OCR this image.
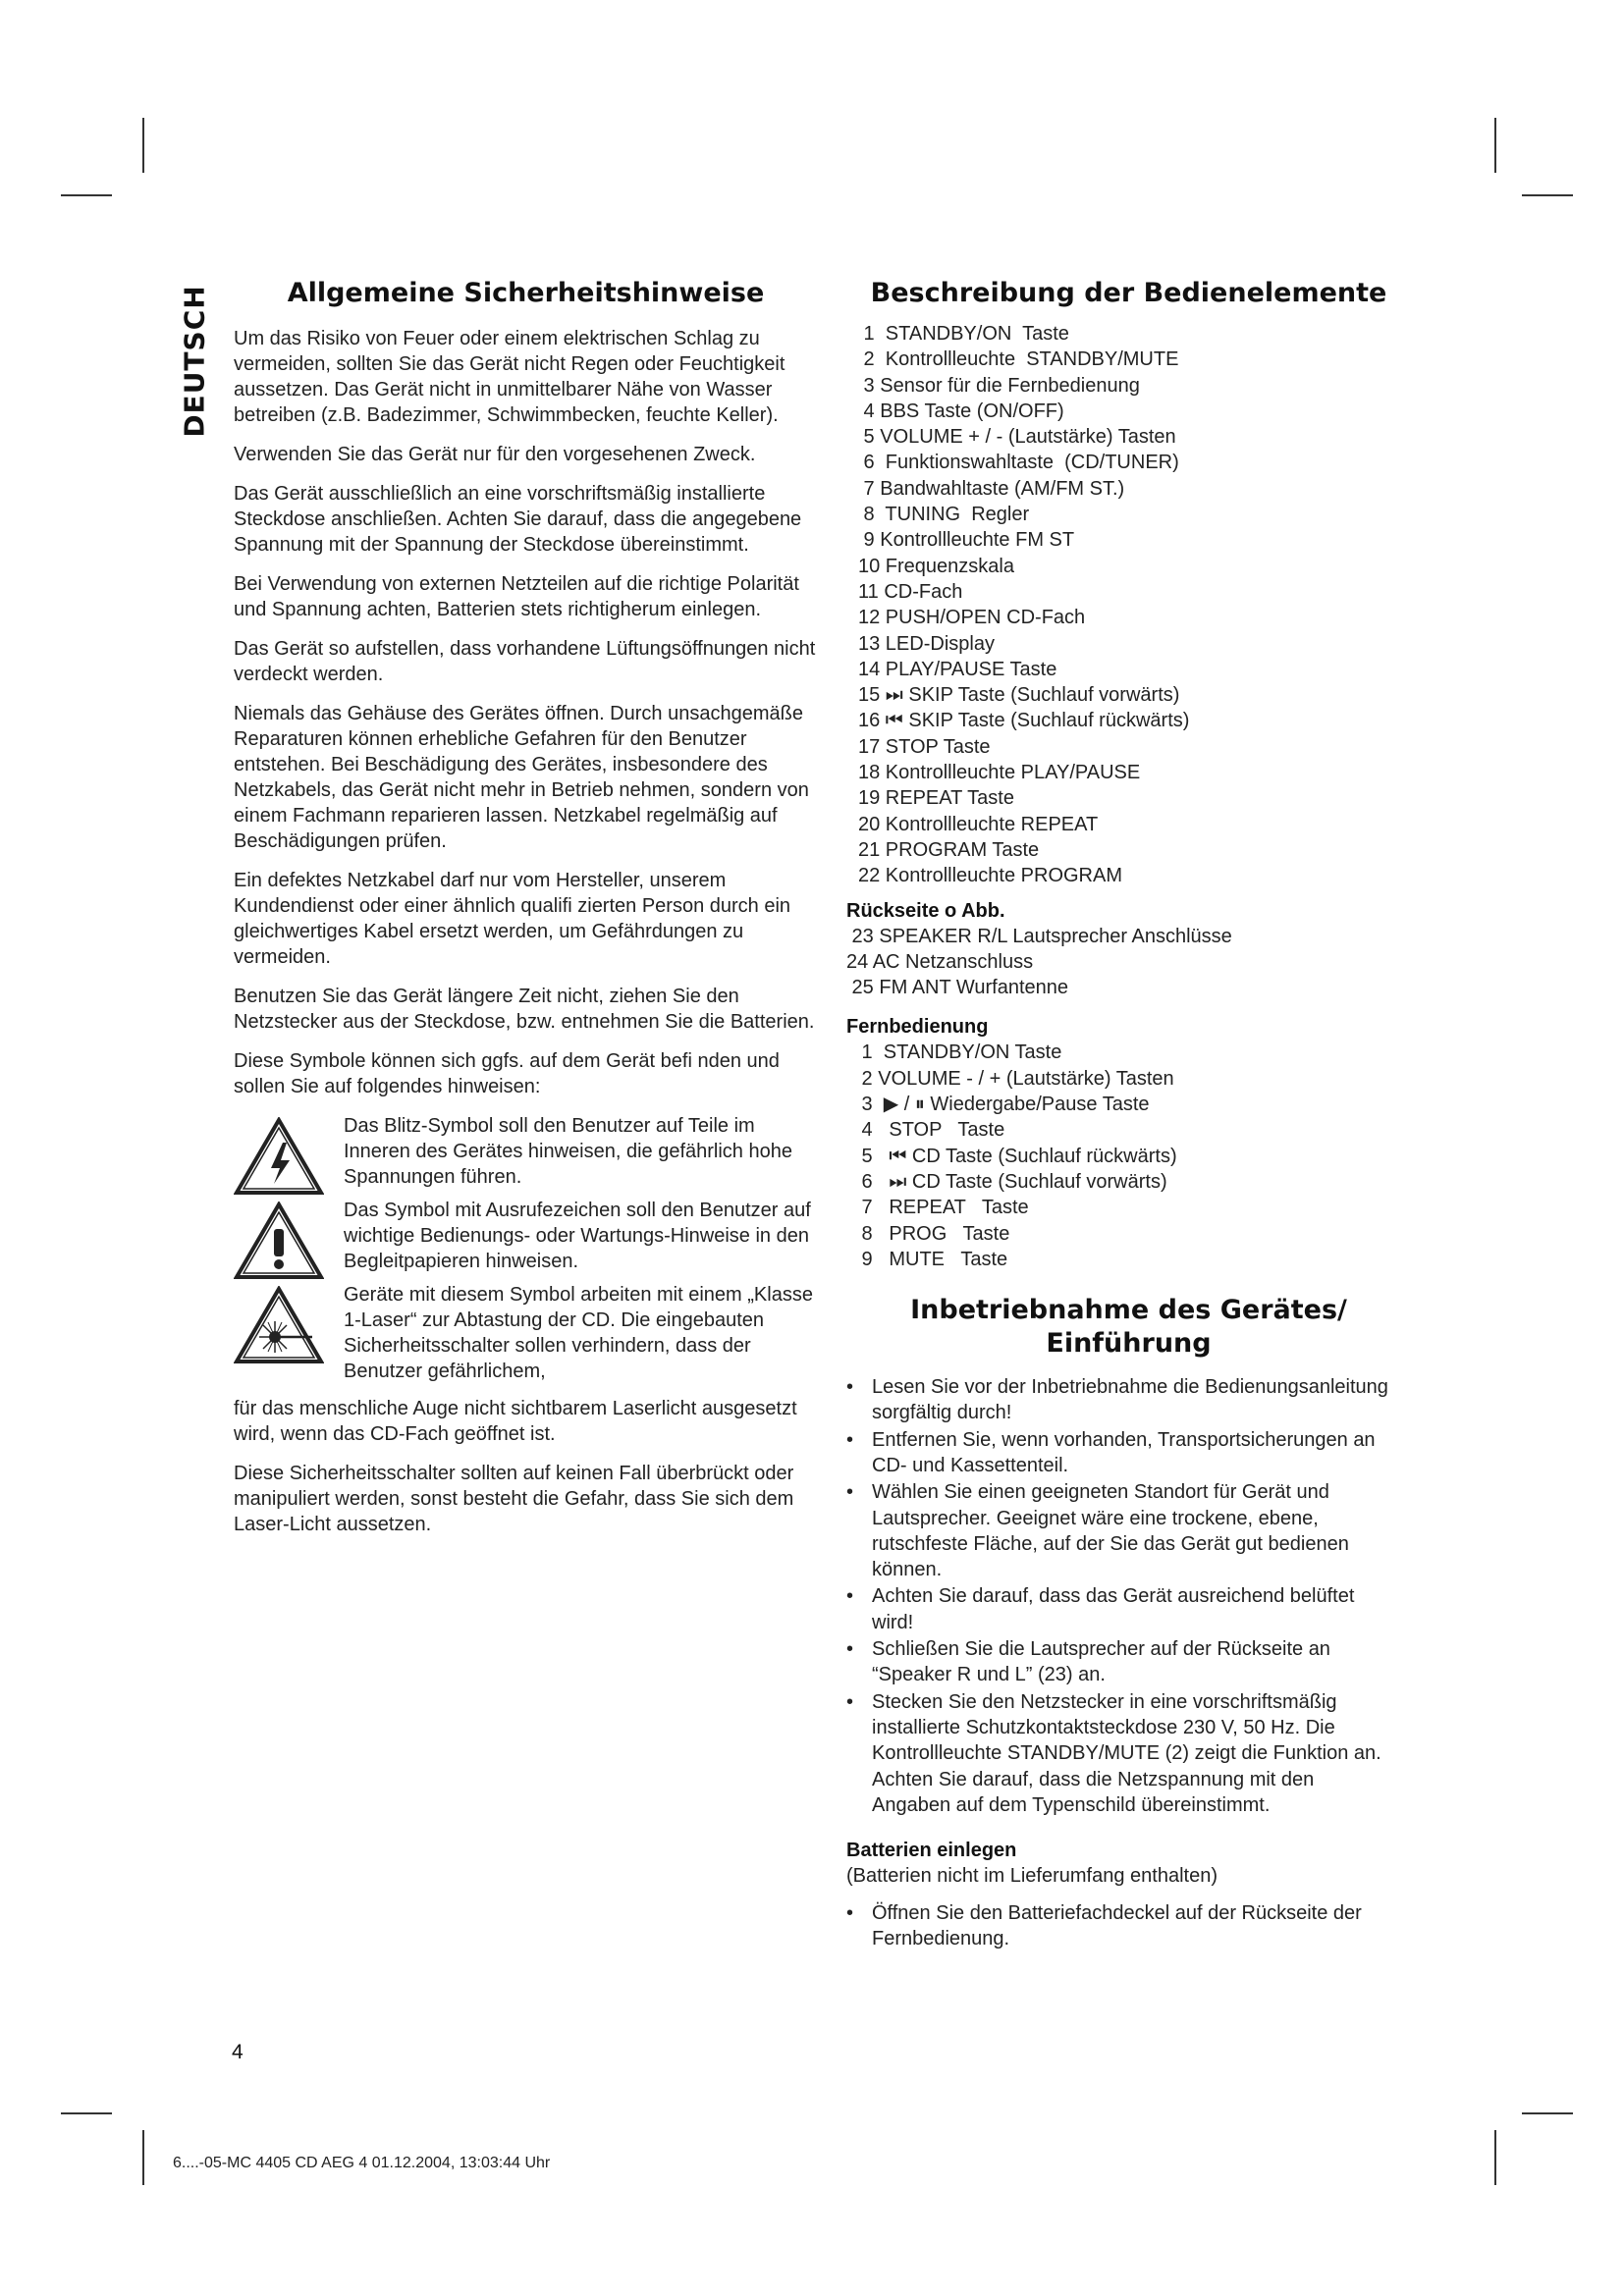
DEUTSCH	Allgemeine Sicherheitshinweise

Um das Risiko von Feuer oder einem elektrischen Schlag zu vermeiden, sollten Sie das Gerät nicht Regen oder Feuchtigkeit aussetzen. Das Gerät nicht in unmittelbarer Nähe von Wasser betreiben (z.B. Badezimmer, Schwimmbecken, feuchte Keller).

Verwenden Sie das Gerät nur für den vorgesehenen Zweck.

Das Gerät ausschließlich an eine vorschriftsmäßig installierte Steckdose anschließen. Achten Sie darauf, dass die angegebene Spannung mit der Spannung der Steckdose übereinstimmt.

Bei Verwendung von externen Netzteilen auf die richtige Polarität und Spannung achten, Batterien stets richtigherum einlegen.

Das Gerät so aufstellen, dass vorhandene Lüftungsöffnungen nicht verdeckt werden.

Niemals das Gehäuse des Gerätes öffnen. Durch unsachgemäße Reparaturen können erhebliche Gefahren für den Benutzer entstehen. Bei Beschädigung des Gerätes, insbesondere des Netzkabels, das Gerät nicht mehr in Betrieb nehmen, sondern von einem Fachmann reparieren lassen. Netzkabel regelmäßig auf Beschädigungen prüfen.

Ein defektes Netzkabel darf nur vom Hersteller, unserem Kundendienst oder einer ähnlich qualifi zierten Person durch ein gleichwertiges Kabel ersetzt werden, um Gefährdungen zu vermeiden.

Benutzen Sie das Gerät längere Zeit nicht, ziehen Sie den Netzstecker aus der Steckdose, bzw. entnehmen Sie die Batterien.

Diese Symbole können sich ggfs. auf dem Gerät befi nden und sollen Sie auf folgendes hinweisen:

Das Blitz-Symbol soll den Benutzer auf Teile im Inneren des Gerätes hinweisen, die gefährlich hohe Spannungen führen.

Das Symbol mit Ausrufezeichen soll den Benutzer auf wichtige Bedienungs- oder Wartungs-Hinweise in den Begleitpapieren hinweisen.

Geräte mit diesem Symbol arbeiten mit einem „Klasse 1-Laser“ zur Abtastung der CD. Die eingebauten Sicherheitsschalter sollen verhindern, dass der Benutzer gefährlichem,

für das menschliche Auge nicht sichtbarem Laserlicht ausgesetzt wird, wenn das CD-Fach geöffnet ist.

Diese Sicherheitsschalter sollten auf keinen Fall überbrückt oder manipuliert werden, sonst besteht die Gefahr, dass Sie sich dem Laser-Licht aussetzen.

Beschreibung der Bedienelemente
1  STANDBY/ON  Taste
2  Kontrollleuchte  STANDBY/MUTE
3 Sensor für die Fernbedienung
4 BBS Taste (ON/OFF)
5 VOLUME + / - (Lautstärke) Tasten
6  Funktionswahltaste  (CD/TUNER)
7 Bandwahltaste (AM/FM ST.)
8  TUNING  Regler
9 Kontrollleuchte FM ST
10 Frequenzskala
11 CD-Fach
12 PUSH/OPEN CD-Fach
13 LED-Display
14 PLAY/PAUSE Taste
15 ⏭ SKIP Taste (Suchlauf vorwärts)
16 ⏮ SKIP Taste (Suchlauf rückwärts)
17 STOP Taste
18 Kontrollleuchte PLAY/PAUSE
19 REPEAT Taste
20 Kontrollleuchte REPEAT
21 PROGRAM Taste
22 Kontrollleuchte PROGRAM
Rückseite o Abb.
23 SPEAKER R/L Lautsprecher Anschlüsse
24 AC Netzanschluss
25 FM ANT Wurfantenne
Fernbedienung
1  STANDBY/ON Taste
2 VOLUME - / + (Lautstärke) Tasten
3  ▶ / ⏸ Wiedergabe/Pause Taste
4   STOP   Taste
5   ⏮ CD Taste (Suchlauf rückwärts)
6   ⏭ CD Taste (Suchlauf vorwärts)
7   REPEAT   Taste
8   PROG   Taste
9   MUTE   Taste
Inbetriebnahme des Gerätes/
Einführung
• Lesen Sie vor der Inbetriebnahme die Bedienungsanleitung sorgfältig durch!
• Entfernen Sie, wenn vorhanden, Transportsicherungen an CD- und Kassettenteil.
• Wählen Sie einen geeigneten Standort für Gerät und Lautsprecher. Geeignet wäre eine trockene, ebene, rutschfeste Fläche, auf der Sie das Gerät gut bedienen können.
• Achten Sie darauf, dass das Gerät ausreichend belüftet wird!
• Schließen Sie die Lautsprecher auf der Rückseite an “Speaker R und L” (23) an.
• Stecken Sie den Netzstecker in eine vorschriftsmäßig installierte Schutzkontaktsteckdose 230 V, 50 Hz. Die Kontrollleuchte STANDBY/MUTE (2) zeigt die Funktion an. Achten Sie darauf, dass die Netzspannung mit den Angaben auf dem Typenschild übereinstimmt.
Batterien einlegen
(Batterien nicht im Lieferumfang enthalten)
• Öffnen Sie den Batteriefachdeckel auf der Rückseite der Fernbedienung.
4
6....-05-MC 4405 CD AEG 4 01.12.2004, 13:03:44 Uhr
